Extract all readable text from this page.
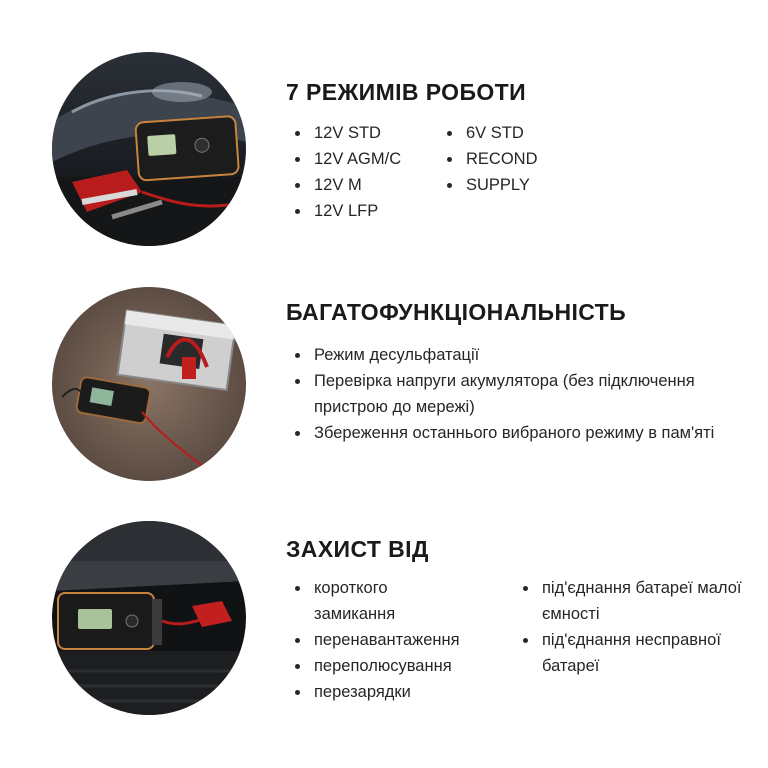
7 РЕЖИМІВ РОБОТИ
12V STD
12V AGM/C
12V M
12V LFP
6V STD
RECOND
SUPPLY
БАГАТОФУНКЦІОНАЛЬНІСТЬ
Режим десульфатації
Перевірка напруги акумулятора (без підключення пристрою до мережі)
Збереження останнього вибраного режиму в пам'яті
ЗАХИСТ ВІД
короткого замикання
перенавантаження
переполюсування
перезарядки
під'єднання батареї малої ємності
під'єднання несправної батареї
